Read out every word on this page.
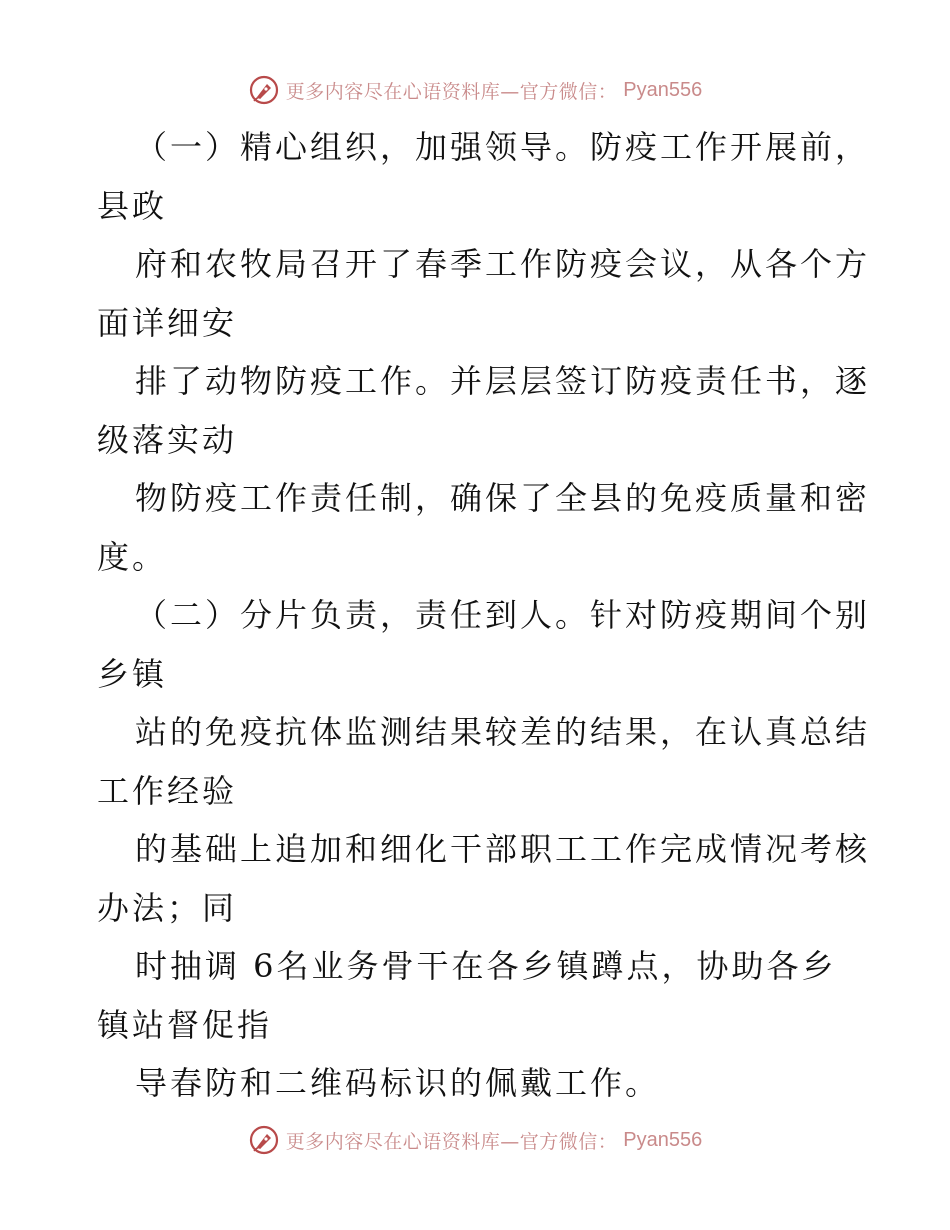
更多内容尽在心语资料库—官方微信： Pyan556
（一）精心组织，加强领导。防疫工作开展前，
县政
府和农牧局召开了春季工作防疫会议，从各个方
面详细安
排了动物防疫工作。并层层签订防疫责任书，逐
级落实动
物防疫工作责任制，确保了全县的免疫质量和密
度。
（二）分片负责，责任到人。针对防疫期间个别
乡镇
站的免疫抗体监测结果较差的结果，在认真总结
工作经验
的基础上追加和细化干部职工工作完成情况考核
办法；同
时抽调 6名业务骨干在各乡镇蹲点，协助各乡
镇站督促指
导春防和二维码标识的佩戴工作。
更多内容尽在心语资料库—官方微信： Pyan556
